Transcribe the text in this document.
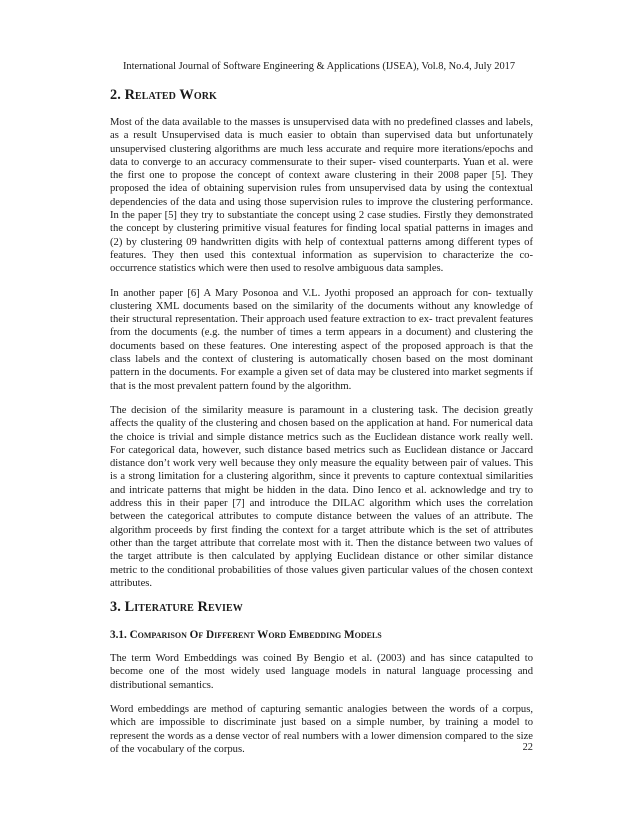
International Journal of Software Engineering & Applications (IJSEA), Vol.8, No.4, July 2017
2. Related Work

Most of the data available to the masses is unsupervised data with no predefined classes and labels, as a result Unsupervised data is much easier to obtain than supervised data but unfortunately unsupervised clustering algorithms are much less accurate and require more iterations/epochs and data to converge to an accuracy commensurate to their super- vised counterparts. Yuan et al. were the first one to propose the concept of context aware clustering in their 2008 paper [5]. They proposed the idea of obtaining supervision rules from unsupervised data by using the contextual dependencies of the data and using those supervision rules to improve the clustering performance. In the paper [5] they try to substantiate the concept using 2 case studies. Firstly they demonstrated the concept by clustering primitive visual features for finding local spatial patterns in images and (2) by clustering 09 handwritten digits with help of contextual patterns among different types of features. They then used this contextual information as supervision to characterize the co-occurrence statistics which were then used to resolve ambiguous data samples.

In another paper [6] A Mary Posonoa and V.L. Jyothi proposed an approach for con- textually clustering XML documents based on the similarity of the documents without any knowledge of their structural representation. Their approach used feature extraction to ex- tract prevalent features from the documents (e.g. the number of times a term appears in a document) and clustering the documents based on these features. One interesting aspect of the proposed approach is that the class labels and the context of clustering is automatically chosen based on the most dominant pattern in the documents. For example a given set of data may be clustered into market segments if that is the most prevalent pattern found by the algorithm.

The decision of the similarity measure is paramount in a clustering task. The decision greatly affects the quality of the clustering and chosen based on the application at hand. For numerical data the choice is trivial and simple distance metrics such as the Euclidean distance work really well. For categorical data, however, such distance based metrics such as Euclidean distance or Jaccard distance don’t work very well because they only measure the equality between pair of values. This is a strong limitation for a clustering algorithm, since it prevents to capture contextual similarities and intricate patterns that might be hidden in the data. Dino Ienco et al. acknowledge and try to address this in their paper [7] and introduce the DILAC algorithm which uses the correlation between the categorical attributes to compute distance between the values of an attribute. The algorithm proceeds by first finding the context for a target attribute which is the set of attributes other than the target attribute that correlate most with it. Then the distance between two values of the target attribute is then calculated by applying Euclidean distance or other similar distance metric to the conditional probabilities of those values given particular values of the chosen context attributes.

3. Literature Review
3.1. Comparison Of Different Word Embedding Models

The term Word Embeddings was coined By Bengio et al. (2003) and has since catapulted to become one of the most widely used language models in natural language processing and distributional semantics.

Word embeddings are method of capturing semantic analogies between the words of a corpus, which are impossible to discriminate just based on a simple number, by training a model to represent the words as a dense vector of real numbers with a lower dimension compared to the size of the vocabulary of the corpus.	22
